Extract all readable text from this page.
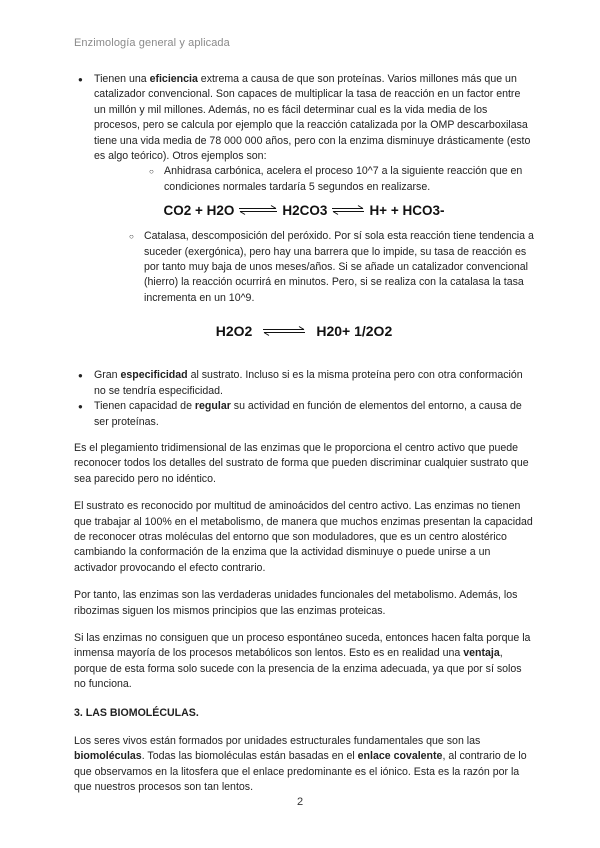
Enzimología general y aplicada
● Tienen una eficiencia extrema a causa de que son proteínas. Varios millones más que un catalizador convencional. Son capaces de multiplicar la tasa de reacción en un factor entre un millón y mil millones. Además, no es fácil determinar cual es la vida media de los procesos, pero se calcula por ejemplo que la reacción catalizada por la OMP descarboxilasa tiene una vida media de 78 000 000 años, pero con la enzima disminuye drásticamente (esto es algo teórico). Otros ejemplos son:
○ Anhidrasa carbónica, acelera el proceso 10^7 a la siguiente reacción que en condiciones normales tardaría 5 segundos en realizarse.
CO2 + H2O ⇌ H2CO3 ⇌ H+ + HCO3-
○ Catalasa, descomposición del peróxido. Por sí sola esta reacción tiene tendencia a suceder (exergónica), pero hay una barrera que lo impide, su tasa de reacción es por tanto muy baja de unos meses/años. Si se añade un catalizador convencional (hierro) la reacción ocurrirá en minutos. Pero, si se realiza con la catalasa la tasa incrementa en un 10^9.
H2O2 ⇌ H20+ 1/2O2
● Gran especificidad al sustrato. Incluso si es la misma proteína pero con otra conformación no se tendría especificidad.
● Tienen capacidad de regular su actividad en función de elementos del entorno, a causa de ser proteínas.

Es el plegamiento tridimensional de las enzimas que le proporciona el centro activo que puede reconocer todos los detalles del sustrato de forma que pueden discriminar cualquier sustrato que sea parecido pero no idéntico.

El sustrato es reconocido por multitud de aminoácidos del centro activo. Las enzimas no tienen que trabajar al 100% en el metabolismo, de manera que muchos enzimas presentan la capacidad de reconocer otras moléculas del entorno que son moduladores, que es un centro alostérico cambiando la conformación de la enzima que la actividad disminuye o puede unirse a un activador provocando el efecto contrario.

Por tanto, las enzimas son las verdaderas unidades funcionales del metabolismo. Además, los ribozimas siguen los mismos principios que las enzimas proteicas.

Si las enzimas no consiguen que un proceso espontáneo suceda, entonces hacen falta porque la inmensa mayoría de los procesos metabólicos son lentos. Esto es en realidad una ventaja, porque de esta forma solo sucede con la presencia de la enzima adecuada, ya que por sí solos no funciona.

3. LAS BIOMOLÉCULAS.

Los seres vivos están formados por unidades estructurales fundamentales que son las biomoléculas. Todas las biomoléculas están basadas en el enlace covalente, al contrario de lo que observamos en la litosfera que el enlace predominante es el iónico. Esta es la razón por la que nuestros procesos son tan lentos.

2
